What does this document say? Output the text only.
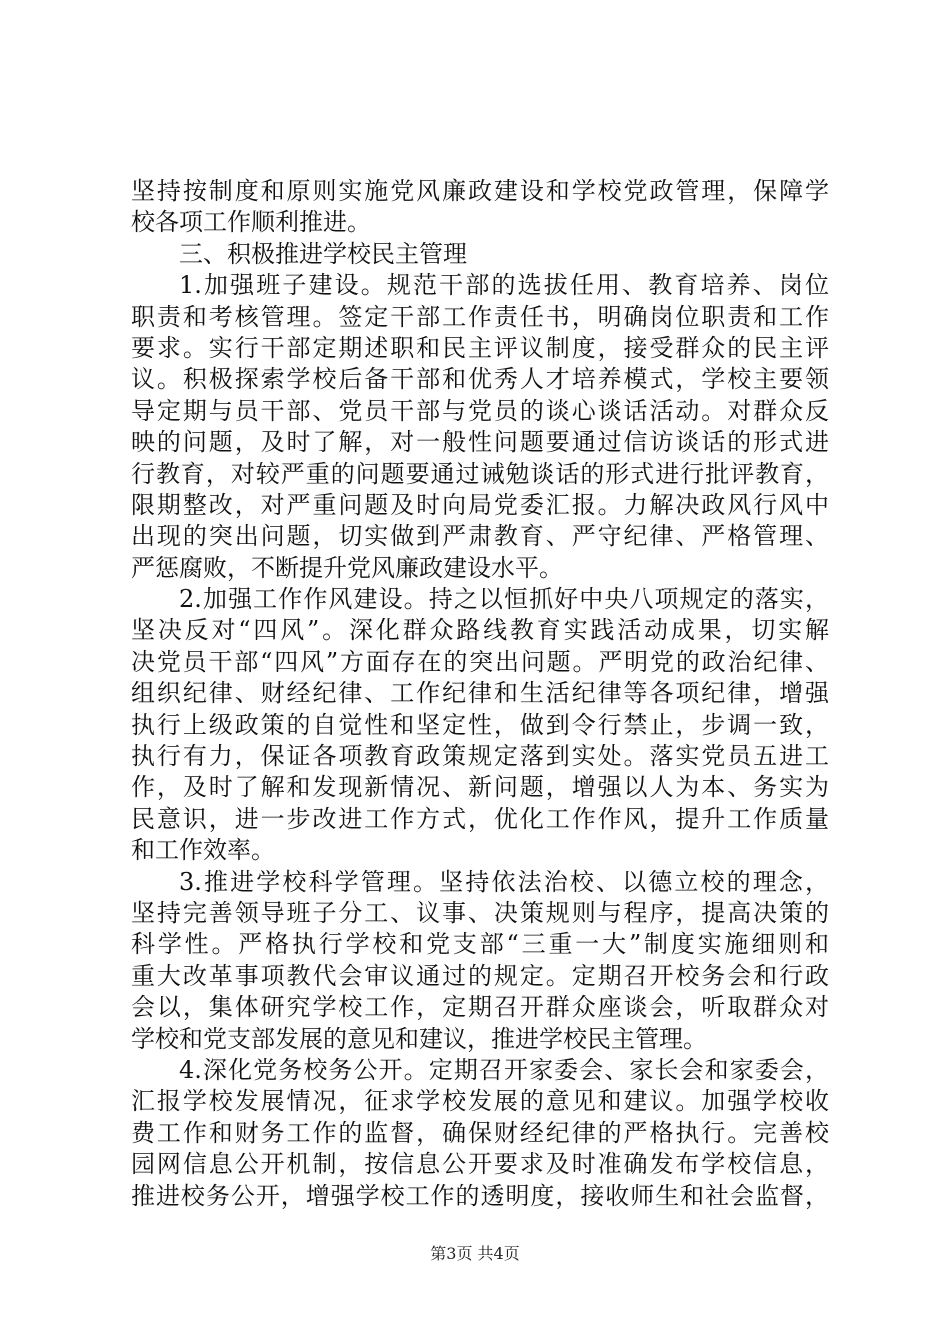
坚持按制度和原则实施党风廉政建设和学校党政管理，保障学
校各项工作顺利推进。
三、积极推进学校民主管理
1.加强班子建设。规范干部的选拔任用、教育培养、岗位
职责和考核管理。签定干部工作责任书，明确岗位职责和工作
要求。实行干部定期述职和民主评议制度，接受群众的民主评
议。积极探索学校后备干部和优秀人才培养模式，学校主要领
导定期与员干部、党员干部与党员的谈心谈话活动。对群众反
映的问题，及时了解，对一般性问题要通过信访谈话的形式进
行教育，对较严重的问题要通过诫勉谈话的形式进行批评教育，
限期整改，对严重问题及时向局党委汇报。力解决政风行风中
出现的突出问题，切实做到严肃教育、严守纪律、严格管理、
严惩腐败，不断提升党风廉政建设水平。
2.加强工作作风建设。持之以恒抓好中央八项规定的落实，
坚决反对“四风”。深化群众路线教育实践活动成果，切实解
决党员干部“四风”方面存在的突出问题。严明党的政治纪律、
组织纪律、财经纪律、工作纪律和生活纪律等各项纪律，增强
执行上级政策的自觉性和坚定性，做到令行禁止，步调一致，
执行有力，保证各项教育政策规定落到实处。落实党员五进工
作，及时了解和发现新情况、新问题，增强以人为本、务实为
民意识，进一步改进工作方式，优化工作作风，提升工作质量
和工作效率。
3.推进学校科学管理。坚持依法治校、以德立校的理念，
坚持完善领导班子分工、议事、决策规则与程序，提高决策的
科学性。严格执行学校和党支部“三重一大”制度实施细则和
重大改革事项教代会审议通过的规定。定期召开校务会和行政
会以，集体研究学校工作，定期召开群众座谈会，听取群众对
学校和党支部发展的意见和建议，推进学校民主管理。
4.深化党务校务公开。定期召开家委会、家长会和家委会，
汇报学校发展情况，征求学校发展的意见和建议。加强学校收
费工作和财务工作的监督，确保财经纪律的严格执行。完善校
园网信息公开机制，按信息公开要求及时准确发布学校信息，
推进校务公开，增强学校工作的透明度，接收师生和社会监督，
第3页 共4页
